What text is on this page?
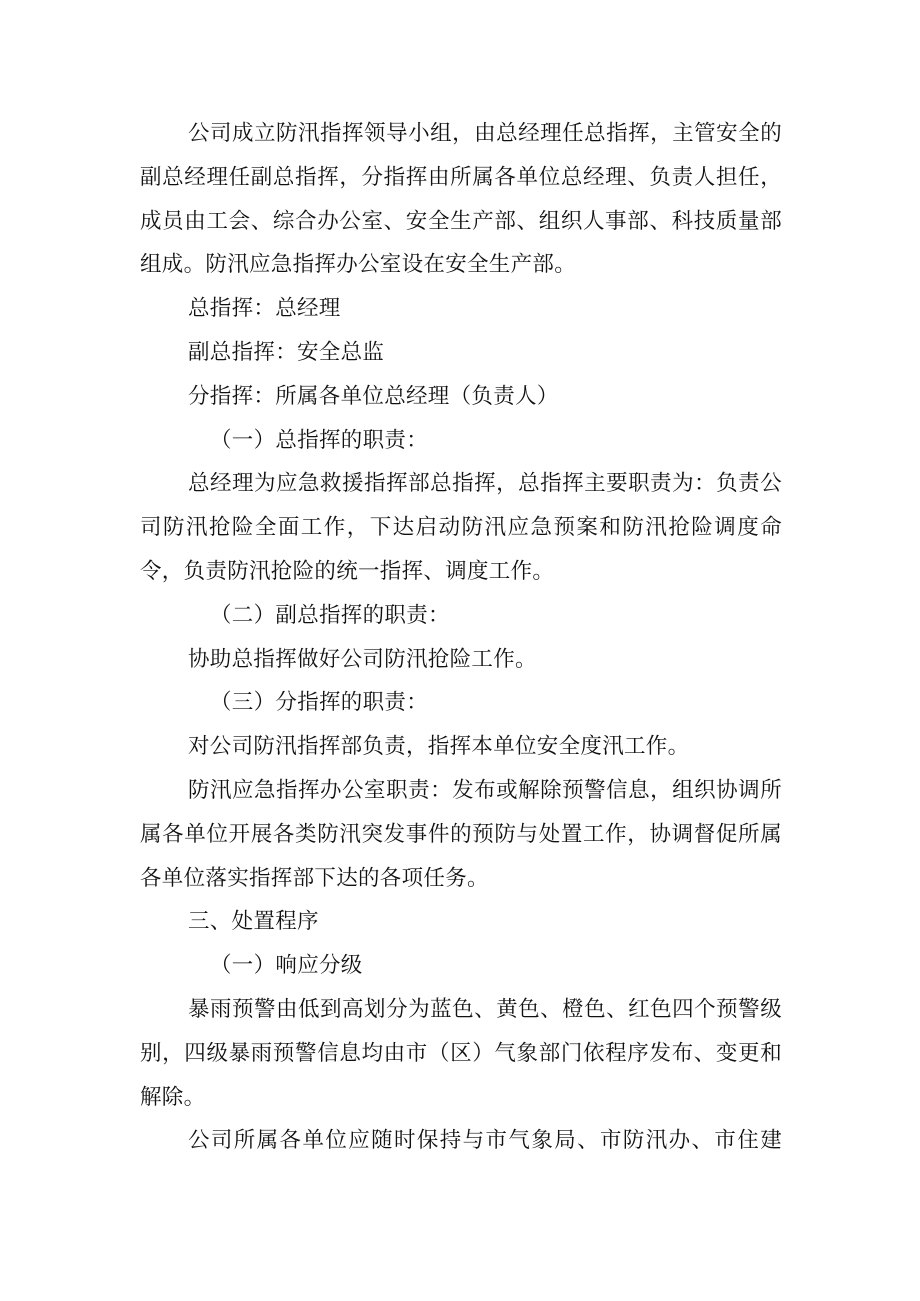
公司成立防汛指挥领导小组，由总经理任总指挥，主管安全的副总经理任副总指挥，分指挥由所属各单位总经理、负责人担任，成员由工会、综合办公室、安全生产部、组织人事部、科技质量部组成。防汛应急指挥办公室设在安全生产部。

总指挥：总经理

副总指挥：安全总监

分指挥：所属各单位总经理（负责人）

（一）总指挥的职责：

总经理为应急救援指挥部总指挥，总指挥主要职责为：负责公司防汛抢险全面工作，下达启动防汛应急预案和防汛抢险调度命令，负责防汛抢险的统一指挥、调度工作。

（二）副总指挥的职责：

协助总指挥做好公司防汛抢险工作。

（三）分指挥的职责：

对公司防汛指挥部负责，指挥本单位安全度汛工作。

防汛应急指挥办公室职责：发布或解除预警信息，组织协调所属各单位开展各类防汛突发事件的预防与处置工作，协调督促所属各单位落实指挥部下达的各项任务。

三、处置程序

（一）响应分级

暴雨预警由低到高划分为蓝色、黄色、橙色、红色四个预警级别，四级暴雨预警信息均由市（区）气象部门依程序发布、变更和解除。

公司所属各单位应随时保持与市气象局、市防汛办、市住建
